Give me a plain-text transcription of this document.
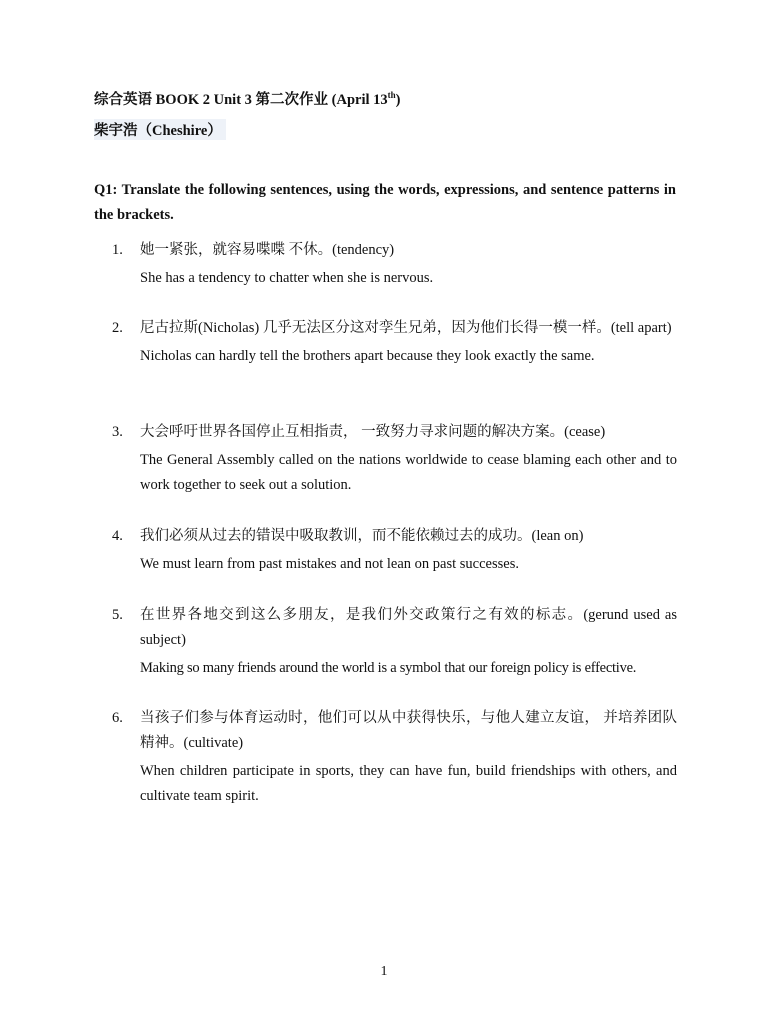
综合英语 BOOK 2 Unit 3 第二次作业 (April 13th)
柴宇浩（Cheshire）
Q1: Translate the following sentences, using the words, expressions, and sentence patterns in the brackets.
1.	她一紧张，就容易喋喋 不休。(tendency)
She has a tendency to chatter when she is nervous.
2.	尼古拉斯(Nicholas) 几乎无法区分这对孪生兄弟，因为他们长得一模一样。(tell apart)
Nicholas can hardly tell the brothers apart because they look exactly the same.
3.	大会呼吁世界各国停止互相指责， 一致努力寻求问题的解决方案。(cease)
The General Assembly called on the nations worldwide to cease blaming each other and to work together to seek out a solution.
4.	我们必须从过去的错误中吸取教训，而不能依赖过去的成功。(lean on)
We must learn from past mistakes and not lean on past successes.
5.	在世界各地交到这么多朋友，是我们外交政策行之有效的标志。(gerund used as subject)
Making so many friends around the world is a symbol that our foreign policy is effective.
6.	当孩子们参与体育运动时，他们可以从中获得快乐，与他人建立友谊， 并培养团队精神。(cultivate)
When children participate in sports, they can have fun, build friendships with others, and cultivate team spirit.
1
